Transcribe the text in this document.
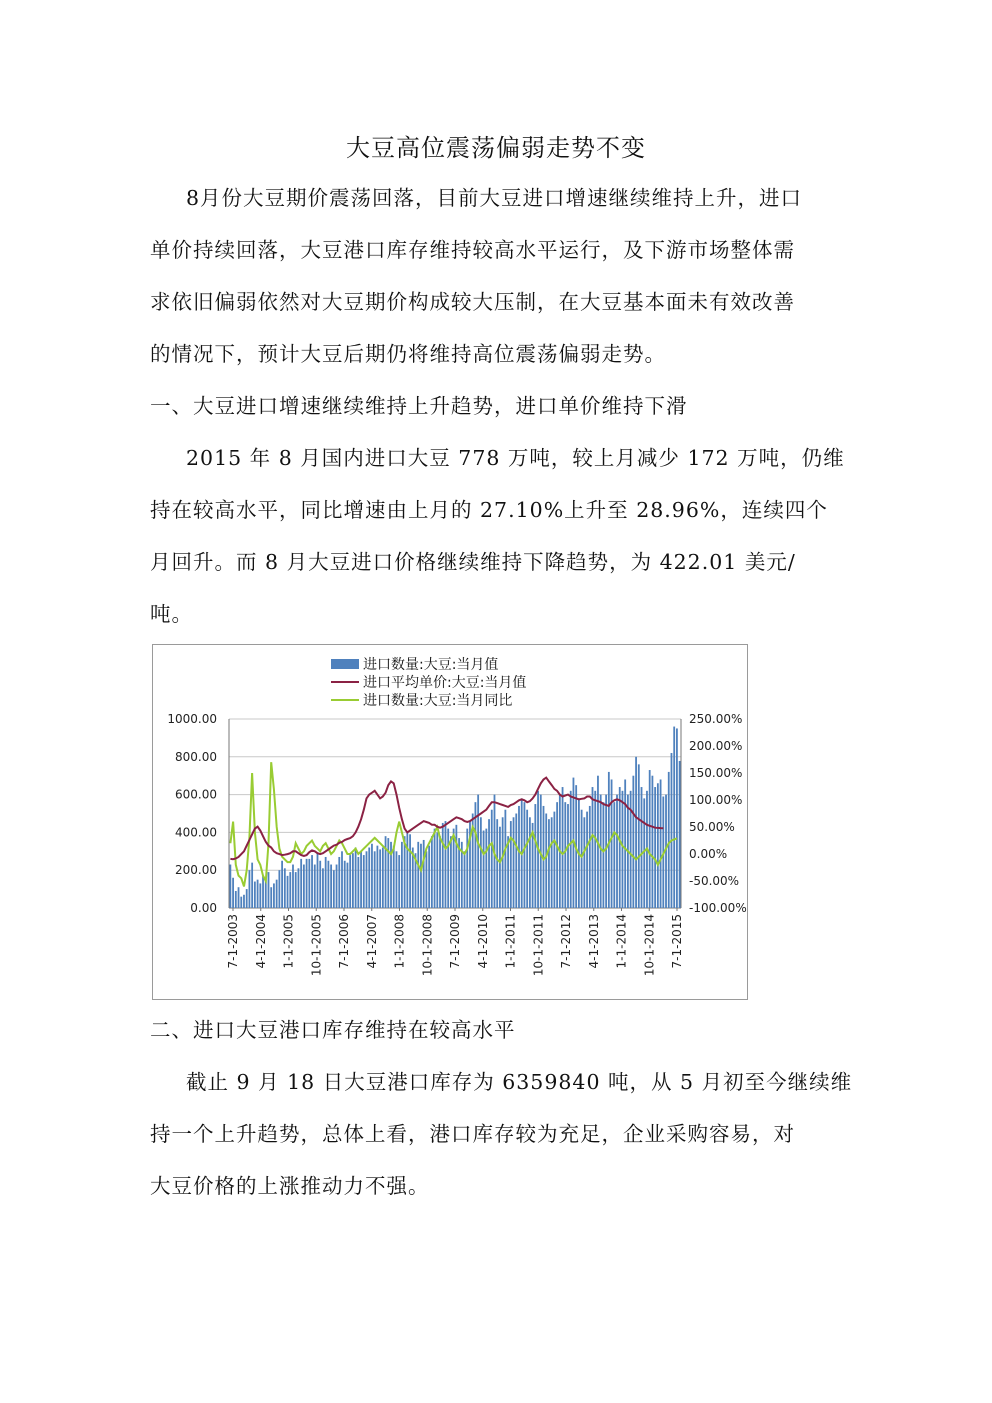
大豆高位震荡偏弱走势不变
8月份大豆期价震荡回落，目前大豆进口增速继续维持上升，进口
单价持续回落，大豆港口库存维持较高水平运行，及下游市场整体需
求依旧偏弱依然对大豆期价构成较大压制，在大豆基本面未有效改善
的情况下，预计大豆后期仍将维持高位震荡偏弱走势。
一、大豆进口增速继续维持上升趋势，进口单价维持下滑
2015 年 8 月国内进口大豆 778 万吨，较上月减少 172 万吨，仍维
持在较高水平，同比增速由上月的 27.10%上升至 28.96%，连续四个
月回升。而 8 月大豆进口价格继续维持下降趋势，为 422.01 美元/
吨。
1000.00
800.00
600.00
400.00
200.00
0.00
250.00%
200.00%
150.00%
100.00%
50.00%
0.00%
-50.00%
-100.00%
7-1-2003 4-1-2004 1-1-2005 10-1-2005 7-1-2006 4-1-2007 1-1-2008 10-1-2008 7-1-2009 4-1-2010 1-1-2011 10-1-2011 7-1-2012 4-1-2013 1-1-2014 10-1-2014 7-1-2015
进口数量:大豆:当月值
进口平均单价:大豆:当月值
进口数量:大豆:当月同比
二、进口大豆港口库存维持在较高水平
截止 9 月 18 日大豆港口库存为 6359840 吨，从 5 月初至今继续维
持一个上升趋势，总体上看，港口库存较为充足，企业采购容易，对
大豆价格的上涨推动力不强。
